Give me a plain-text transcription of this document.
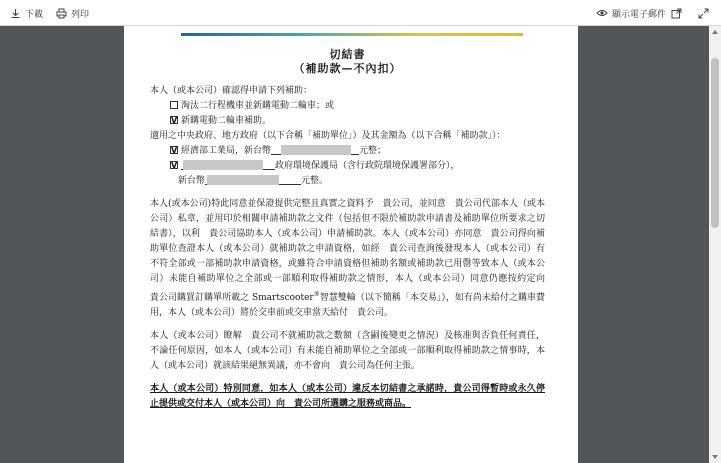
下載	列印	顯示電子郵件
切結書
（補助款—不內扣）
本人（或本公司）確認得申請下列補助：
淘汰二行程機車並新購電動二輪車；或
V新購電動二輪車補助。
適用之中央政府、地方政府（以下合稱「補助單位」）及其金額為（以下合稱「補助款」）：
V經濟部工業局，新台幣	元整；
V政府環境保護局（含行政院環境保護署部分），
新台幣	元整。
本人(或本公司)特此同意並保證提供完整且真實之資料予　貴公司，並同意　貴公司代部本人（或本公司）私章，並用印於相關申請補助款之文件（包括但不限於補助款申請書及補助單位所要求之切結書），以利　貴公司協助本人（或本公司）申請補助款。本人（或本公司）亦同意　貴公司得向補助單位查證本人（或本公司）就補助款之申請資格，如經　貴公司查詢後發現本人（或本公司）有不符全部或一部補助款申請資格，或雖符合申請資格但補助名額或補助款已用罄等致本人（或本公司）未能自補助單位之全部或一部順利取得補助款之情形，本人（或本公司）同意仍應按約定向　貴公司購買訂購單所載之 Smartscooter®智慧雙輪（以下簡稱「本交易」），如有尚未給付之購車費用，本人（或本公司）將於交車前或交車當天給付　貴公司。
本人（或本公司）瞭解　貴公司不就補助款之數額（含嗣後變更之情況）及核准與否負任何責任，不論任何原因，如本人（或本公司）有未能自補助單位之全部或一部順利取得補助款之情事時，本人（或本公司）就該結果絕無異議，亦不會向　貴公司為任何主張。
本人（或本公司）特別同意，如本人（或本公司）違反本切結書之承諾時，貴公司得暫時或永久停止提供或交付本人（或本公司）向　貴公司所選購之服務或商品。
